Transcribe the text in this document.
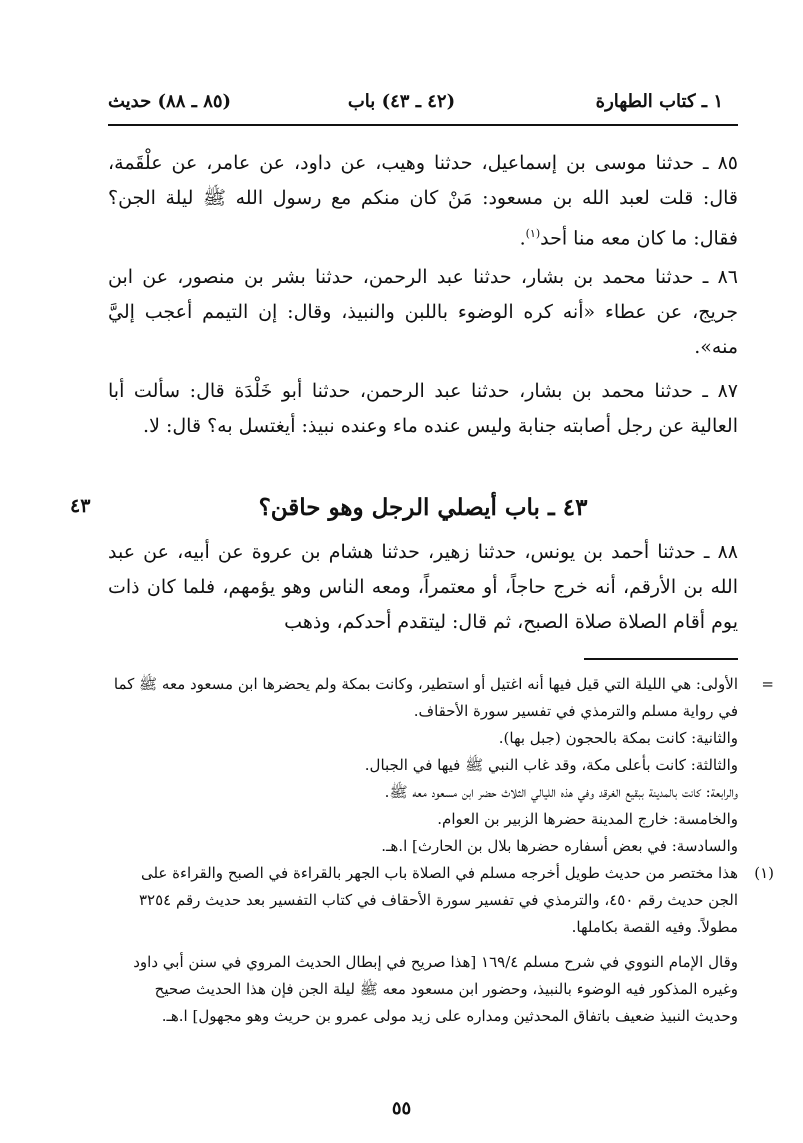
١ ـ كتاب الطهارة
(٤٢ ـ ٤٣) باب
(٨٥ ـ ٨٨) حديث
٨٥ ـ حدثنا موسى بن إسماعيل، حدثنا وهيب، عن داود، عن عامر، عن علْقَمة، قال: قلت لعبد الله بن مسعود: مَنْ كان منكم مع رسول الله ﷺ ليلة الجن؟ فقال: ما كان معه منا أحد$^{(١)}$.
٨٦ ـ حدثنا محمد بن بشار، حدثنا عبد الرحمن، حدثنا بشر بن منصور، عن ابن جريج، عن عطاء «أنه كره الوضوء باللبن والنبيذ، وقال: إن التيمم أعجب إليَّ منه».
٨٧ ـ حدثنا محمد بن بشار، حدثنا عبد الرحمن، حدثنا أبو خَلْدَة قال: سألت أبا العالية عن رجل أصابته جنابة وليس عنده ماء وعنده نبيذ: أيغتسل به؟ قال: لا.
٤٣ ـ باب أيصلي الرجل وهو حاقن؟
٤٣
٨٨ ـ حدثنا أحمد بن يونس، حدثنا زهير، حدثنا هشام بن عروة عن أبيه، عن عبد الله بن الأرقم، أنه خرج حاجاً، أو معتمراً، ومعه الناس وهو يؤمهم، فلما كان ذات يوم أقام الصلاة صلاة الصبح، ثم قال: ليتقدم أحدكم، وذهب
=
الأولى: هي الليلة التي قيل فيها أنه اغتيل أو استطير، وكانت بمكة ولم يحضرها ابن مسعود معه ﷺ كما في رواية مسلم والترمذي في تفسير سورة الأحقاف.
والثانية: كانت بمكة بالحجون (جبل بها).
والثالثة: كانت بأعلى مكة، وقد غاب النبي ﷺ فيها في الجبال.
والرابعة: كانت بالمدينة ببقيع الغرقد وفي هذه الليالي الثلاث حضر ابن مسعود معه ﷺ.
والخامسة: خارج المدينة حضرها الزبير بن العوام.
والسادسة: في بعض أسفاره حضرها بلال بن الحارث] ا.هـ.
(١)
هذا مختصر من حديث طويل أخرجه مسلم في الصلاة باب الجهر بالقراءة في الصبح والقراءة على الجن حديث رقم ٤٥٠، والترمذي في تفسير سورة الأحقاف في كتاب التفسير بعد حديث رقم ٣٢٥٤ مطولاً. وفيه القصة بكاملها.
وقال الإمام النووي في شرح مسلم ١٦٩/٤ [هذا صريح في إبطال الحديث المروي في سنن أبي داود وغيره المذكور فيه الوضوء بالنبيذ، وحضور ابن مسعود معه ﷺ ليلة الجن فإن هذا الحديث صحيح وحديث النبيذ ضعيف باتفاق المحدثين ومداره على زيد مولى عمرو بن حريث وهو مجهول] ا.هـ.
٥٥
